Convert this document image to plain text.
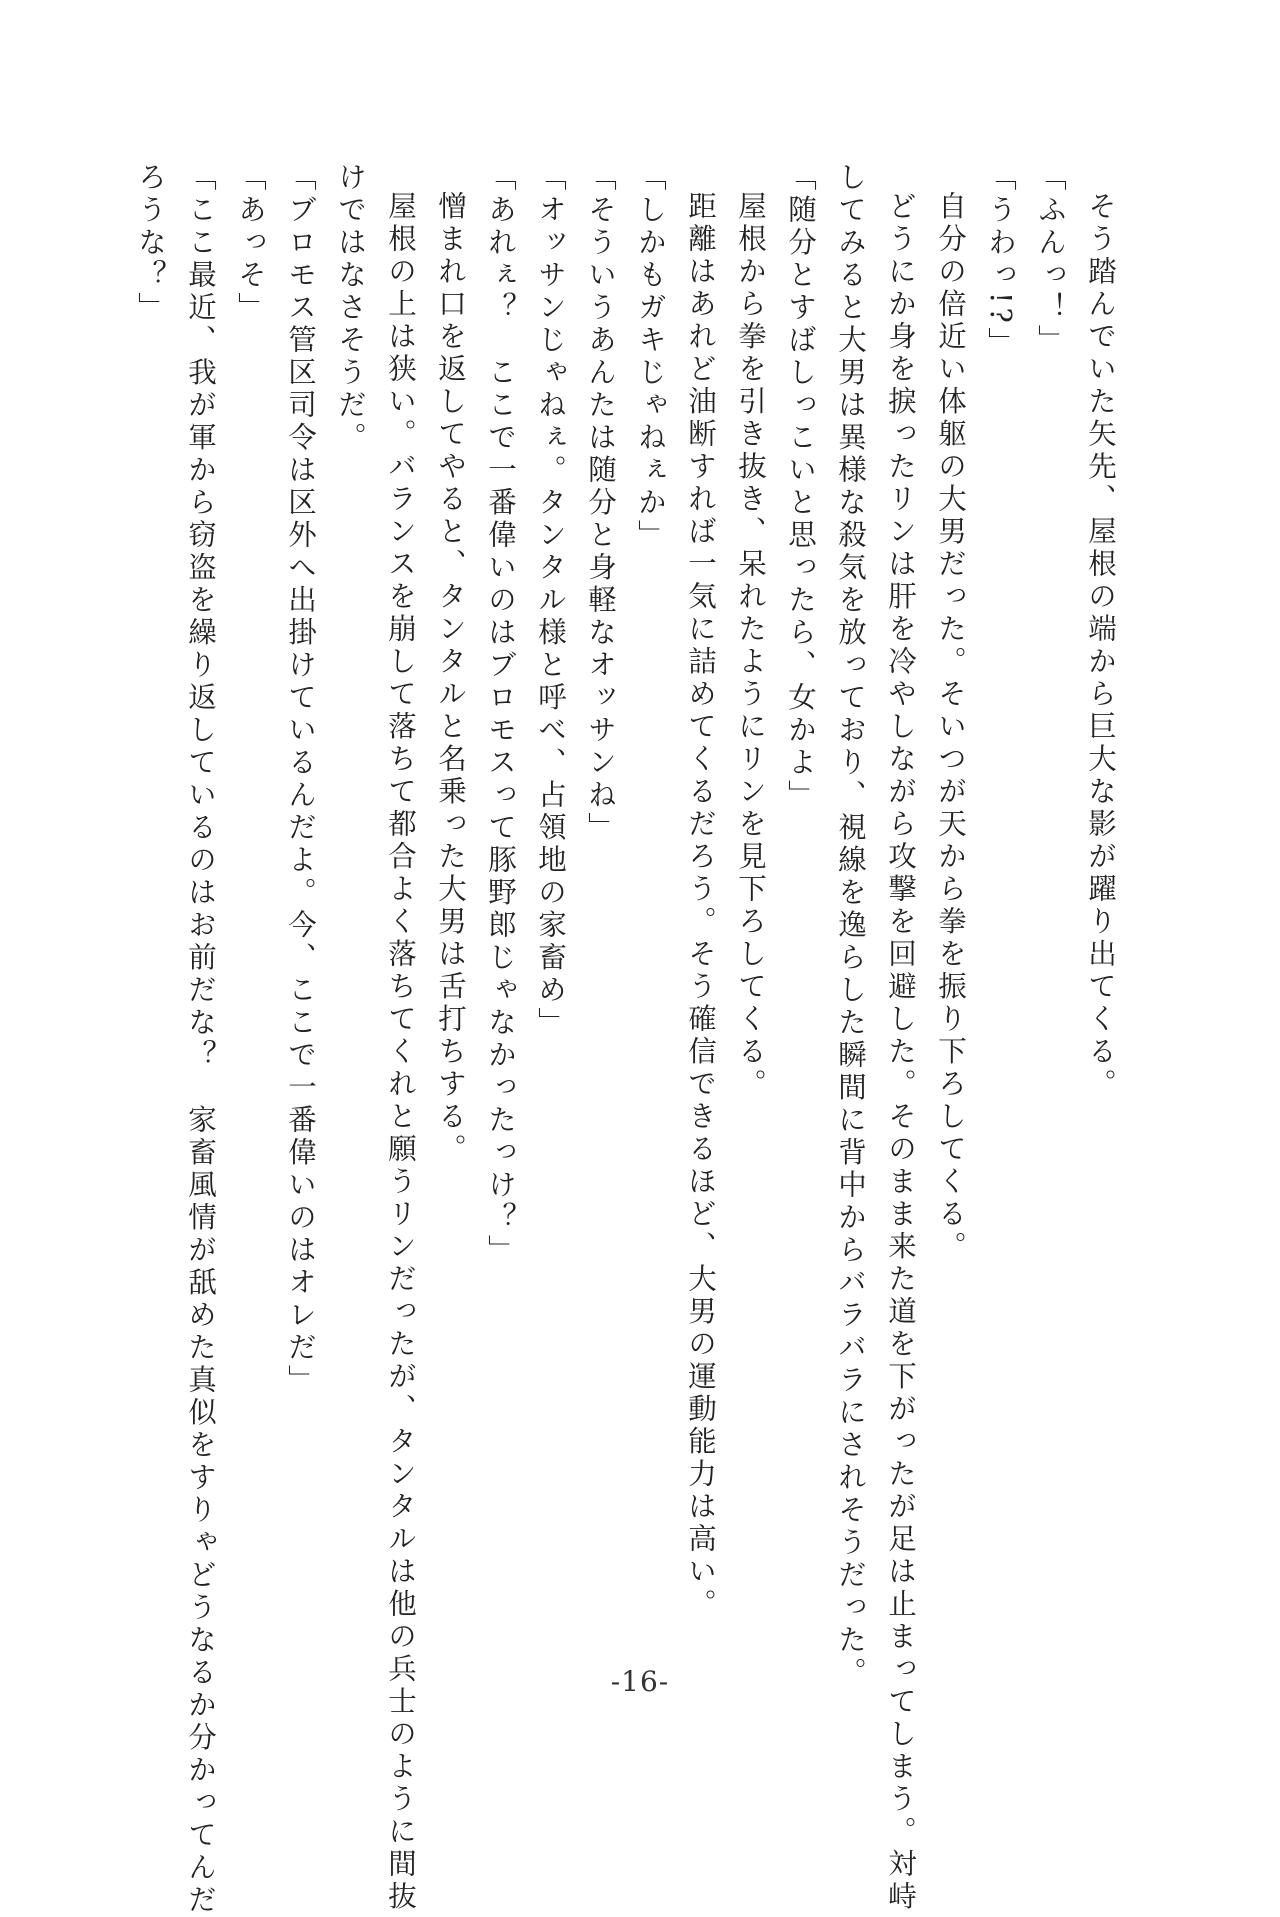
そう踏んでいた矢先、屋根の端から巨大な影が躍り出てくる。
「ふんっ！」
「うわっ!?」
自分の倍近い体躯の大男だった。そいつが天から拳を振り下ろしてくる。
どうにか身を捩ったリンは肝を冷やしながら攻撃を回避した。そのまま来た道を下がったが足は止まってしまう。対峙
してみると大男は異様な殺気を放っており、視線を逸らした瞬間に背中からバラバラにされそうだった。
「随分とすばしっこいと思ったら、女かよ」
屋根から拳を引き抜き、呆れたようにリンを見下ろしてくる。
距離はあれど油断すれば一気に詰めてくるだろう。そう確信できるほど、大男の運動能力は高い。
「しかもガキじゃねぇか」
「そういうあんたは随分と身軽なオッサンね」
「オッサンじゃねぇ。タンタル様と呼べ、占領地の家畜め」
「あれぇ？　ここで一番偉いのはブロモスって豚野郎じゃなかったっけ？」
憎まれ口を返してやると、タンタルと名乗った大男は舌打ちする。
屋根の上は狭い。バランスを崩して落ちて都合よく落ちてくれと願うリンだったが、タンタルは他の兵士のように間抜
けではなさそうだ。
「ブロモス管区司令は区外へ出掛けているんだよ。今、ここで一番偉いのはオレだ」
「あっそ」
「ここ最近、我が軍から窃盗を繰り返しているのはお前だな？　家畜風情が舐めた真似をすりゃどうなるか分かってんだ
ろうな？」
-16-
